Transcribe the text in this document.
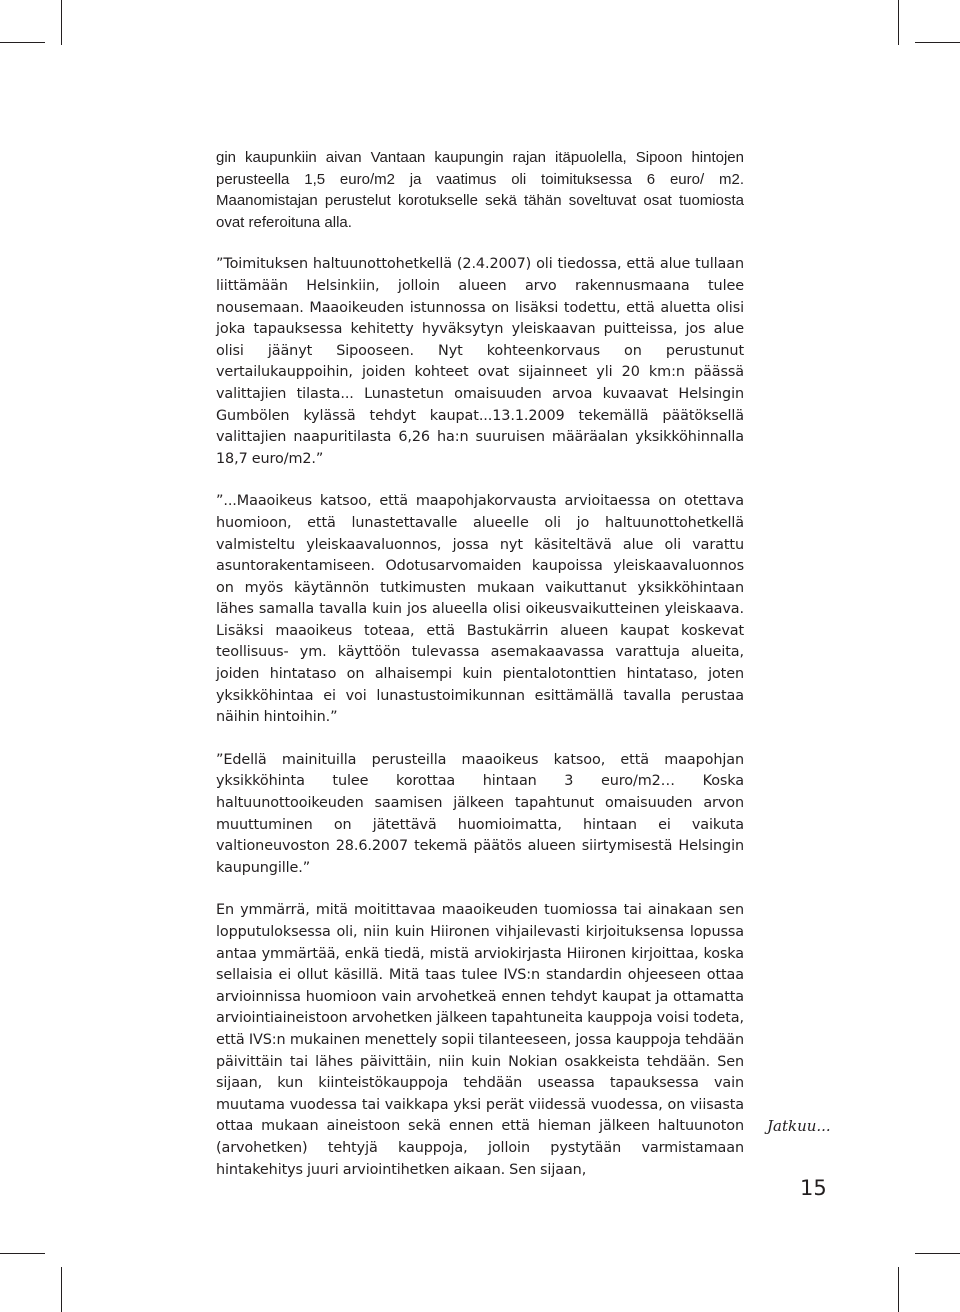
gin kaupunkiin aivan Vantaan kaupungin rajan itäpuolella, Sipoon hintojen perusteella 1,5 euro/m2 ja vaatimus oli toimituksessa 6 euro/ m2. Maanomistajan perustelut korotukselle sekä tähän soveltuvat osat tuomiosta ovat referoituna alla.

”Toimituksen haltuunottohetkellä (2.4.2007) oli tiedossa, että alue tullaan liittämään Helsinkiin, jolloin alueen arvo rakennusmaana tulee nousemaan. Maaoikeuden istunnossa on lisäksi todettu, että aluetta olisi joka tapauksessa kehitetty hyväksytyn yleiskaavan puitteissa, jos alue olisi jäänyt Sipooseen. Nyt kohteenkorvaus on perustunut vertailukauppoihin, joiden kohteet ovat sijainneet yli 20 km:n päässä valittajien tilasta... Lunastetun omaisuuden arvoa kuvaavat Helsingin Gumbölen kylässä tehdyt kaupat...13.1.2009 tekemällä päätöksellä valittajien naapuritilasta 6,26 ha:n suuruisen määräalan yksikköhinnalla 18,7 euro/m2.”

”...Maaoikeus katsoo, että maapohjakorvausta arvioitaessa on otettava huomioon, että lunastettavalle alueelle oli jo haltuunottohetkellä valmisteltu yleiskaavaluonnos, jossa nyt käsiteltävä alue oli varattu asuntorakentamiseen. Odotusarvomaiden kaupoissa yleiskaavaluonnos on myös käytännön tutkimusten mukaan vaikuttanut yksikköhintaan lähes samalla tavalla kuin jos alueella olisi oikeusvaikutteinen yleiskaava. Lisäksi maaoikeus toteaa, että Bastukärrin alueen kaupat koskevat teollisuus- ym. käyttöön tulevassa asemakaavassa varattuja alueita, joiden hintataso on alhaisempi kuin pientalotonttien hintataso, joten yksikköhintaa ei voi lunastustoimikunnan esittämällä tavalla perustaa näihin hintoihin.”

”Edellä mainituilla perusteilla maaoikeus katsoo, että maapohjan yksikköhinta tulee korottaa hintaan 3 euro/m2… Koska haltuunottooikeuden saamisen jälkeen tapahtunut omaisuuden arvon muuttuminen on jätettävä huomioimatta, hintaan ei vaikuta valtioneuvoston 28.6.2007 tekemä päätös alueen siirtymisestä Helsingin kaupungille.”

En ymmärrä, mitä moitittavaa maaoikeuden tuomiossa tai ainakaan sen lopputuloksessa oli, niin kuin Hiironen vihjailevasti kirjoituksensa lopussa antaa ymmärtää, enkä tiedä, mistä arviokirjasta Hiironen kirjoittaa, koska sellaisia ei ollut käsillä. Mitä taas tulee IVS:n standardin ohjeeseen ottaa arvioinnissa huomioon vain arvohetkeä ennen tehdyt kaupat ja ottamatta arviointiaineistoon arvohetken jälkeen tapahtuneita kauppoja voisi todeta, että IVS:n mukainen menettely sopii tilanteeseen, jossa kauppoja tehdään päivittäin tai lähes päivittäin, niin kuin Nokian osakkeista tehdään. Sen sijaan, kun kiinteistökauppoja tehdään useassa tapauksessa vain muutama vuodessa tai vaikkapa yksi perät viidessä vuodessa, on viisasta ottaa mukaan aineistoon sekä ennen että hieman jälkeen haltuunoton (arvohetken) tehtyjä kauppoja, jolloin pystytään varmistamaan hintakehitys juuri arviointihetken aikaan. Sen sijaan,

Jatkuu...
15
